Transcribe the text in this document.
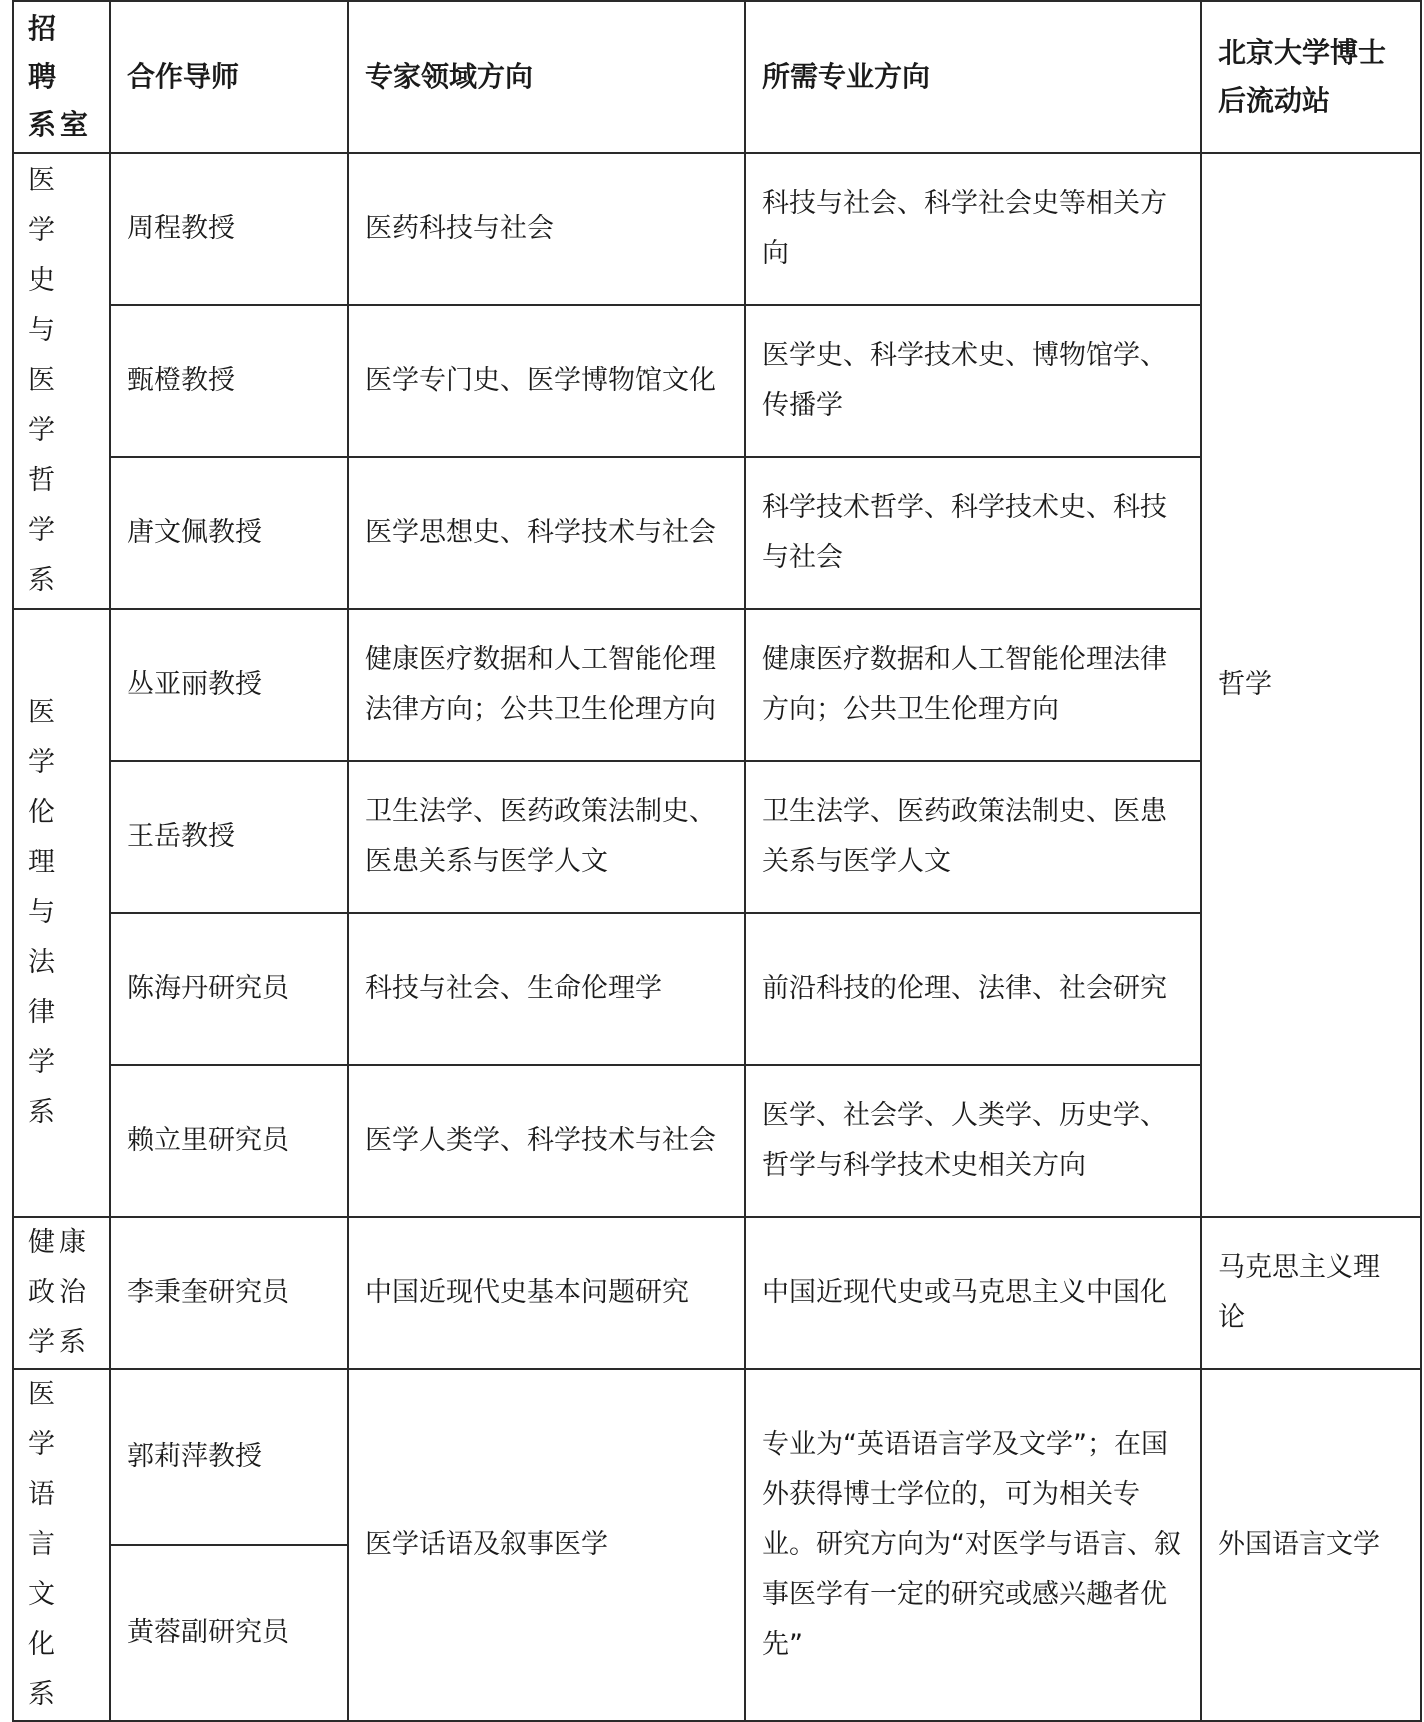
招 聘 系室	合作导师	专家领域方向	所需专业方向	北京大学博士后流动站
医学史与医学哲学系	周程教授	医药科技与社会	科技与社会、科学社会史等相关方向	哲学
	甄橙教授	医学专门史、医学博物馆文化	医学史、科学技术史、博物馆学、传播学	
	唐文佩教授	医学思想史、科学技术与社会	科学技术哲学、科学技术史、科技与社会	
医学伦理与法律学系	丛亚丽教授	健康医疗数据和人工智能伦理法律方向；公共卫生伦理方向	健康医疗数据和人工智能伦理法律方向；公共卫生伦理方向	
	王岳教授	卫生法学、医药政策法制史、医患关系与医学人文	卫生法学、医药政策法制史、医患关系与医学人文	
	陈海丹研究员	科技与社会、生命伦理学	前沿科技的伦理、法律、社会研究	
	赖立里研究员	医学人类学、科学技术与社会	医学、社会学、人类学、历史学、哲学与科学技术史相关方向	
健康政治学系	李秉奎研究员	中国近现代史基本问题研究	中国近现代史或马克思主义中国化	马克思主义理论
医学语言文化系	郭莉萍教授	医学话语及叙事医学	专业为“英语语言学及文学”；在国外获得博士学位的，可为相关专业。研究方向为“对医学与语言、叙事医学有一定的研究或感兴趣者优先”	外国语言文学
	黄蓉副研究员			
